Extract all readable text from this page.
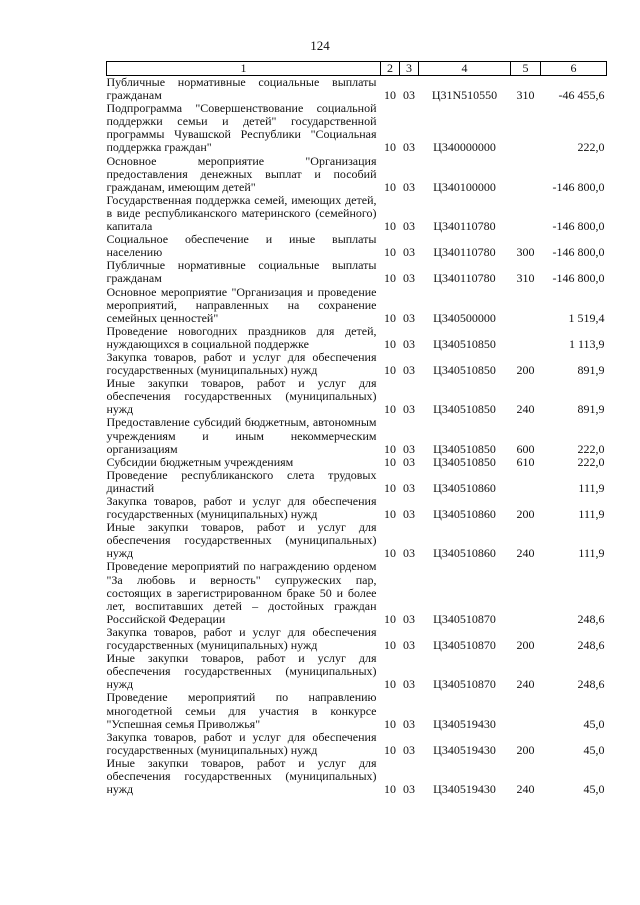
124
1	2	3	4	5	6
Публичные нормативные социальные выплаты гражданам	10	03	Ц31N510550	310	-46 455,6
Подпрограмма "Совершенствование социальной поддержки семьи и детей" государственной программы Чувашской Республики "Социальная поддержка граждан"	10	03	Ц340000000		222,0
Основное мероприятие "Организация предоставления денежных выплат и пособий гражданам, имеющим детей"	10	03	Ц340100000		-146 800,0
Государственная поддержка семей, имеющих детей, в виде республиканского материнского (семейного) капитала	10	03	Ц340110780		-146 800,0
Социальное обеспечение и иные выплаты населению	10	03	Ц340110780	300	-146 800,0
Публичные нормативные социальные выплаты гражданам	10	03	Ц340110780	310	-146 800,0
Основное мероприятие "Организация и проведение мероприятий, направленных на сохранение семейных ценностей"	10	03	Ц340500000		1 519,4
Проведение новогодних праздников для детей, нуждающихся в социальной поддержке	10	03	Ц340510850		1 113,9
Закупка товаров, работ и услуг для обеспечения государственных (муниципальных) нужд	10	03	Ц340510850	200	891,9
Иные закупки товаров, работ и услуг для обеспечения государственных (муниципальных) нужд	10	03	Ц340510850	240	891,9
Предоставление субсидий бюджетным, автономным учреждениям и иным некоммерческим организациям	10	03	Ц340510850	600	222,0
Субсидии бюджетным учреждениям	10	03	Ц340510850	610	222,0
Проведение республиканского слета трудовых династий	10	03	Ц340510860		111,9
Закупка товаров, работ и услуг для обеспечения государственных (муниципальных) нужд	10	03	Ц340510860	200	111,9
Иные закупки товаров, работ и услуг для обеспечения государственных (муниципальных) нужд	10	03	Ц340510860	240	111,9
Проведение мероприятий по награждению орденом "За любовь и верность" супружеских пар, состоящих в зарегистрированном браке 50 и более лет, воспитавших детей – достойных граждан Российской Федерации	10	03	Ц340510870		248,6
Закупка товаров, работ и услуг для обеспечения государственных (муниципальных) нужд	10	03	Ц340510870	200	248,6
Иные закупки товаров, работ и услуг для обеспечения государственных (муниципальных) нужд	10	03	Ц340510870	240	248,6
Проведение мероприятий по направлению многодетной семьи для участия в конкурсе "Успешная семья Приволжья"	10	03	Ц340519430		45,0
Закупка товаров, работ и услуг для обеспечения государственных (муниципальных) нужд	10	03	Ц340519430	200	45,0
Иные закупки товаров, работ и услуг для обеспечения государственных (муниципальных) нужд	10	03	Ц340519430	240	45,0
